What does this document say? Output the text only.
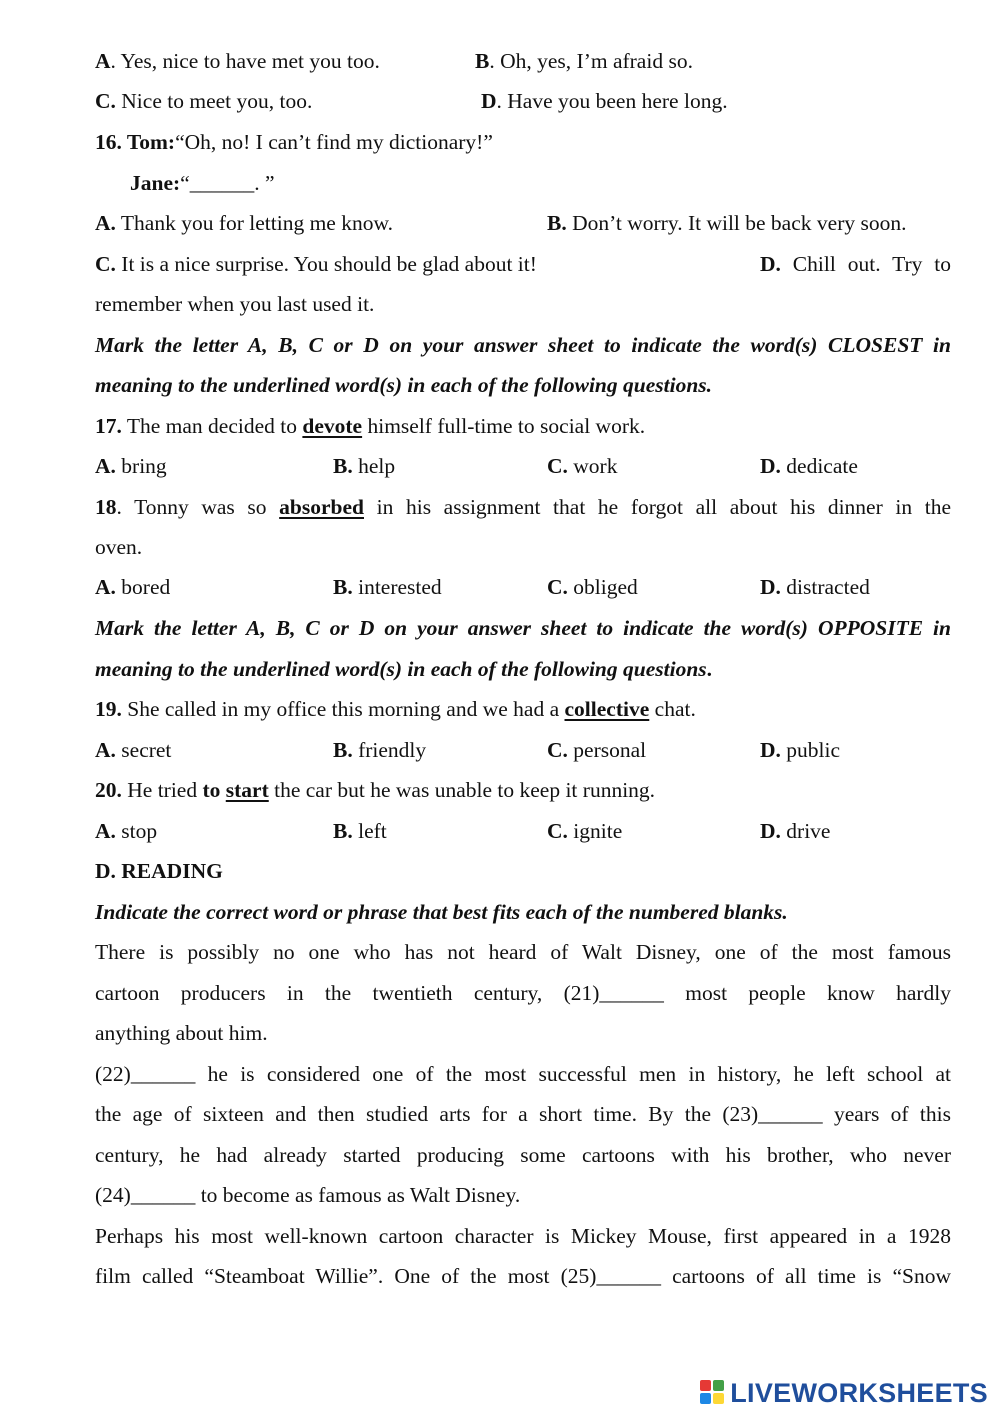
A. Yes, nice to have met you too.	B. Oh, yes, I’m afraid so.
C. Nice to meet you, too.	D. Have you been here long.
16. Tom:“Oh, no! I can’t find my dictionary!”
Jane:“______. ”
A. Thank you for letting me know.	B. Don’t worry. It will be back very soon.
C. It is a nice surprise. You should be glad about it!	D. Chill out. Try to
remember when you last used it.
Mark the letter A, B, C or D on your answer sheet to indicate the word(s) CLOSEST in
meaning to the underlined word(s) in each of the following questions.
17. The man decided to devote himself full-time to social work.
A. bring	B. help	C. work	D. dedicate
18. Tonny was so absorbed in his assignment that he forgot all about his dinner in the
oven.
A. bored	B. interested	C. obliged	D. distracted
Mark the letter A, B, C or D on your answer sheet to indicate the word(s) OPPOSITE in
meaning to the underlined word(s) in each of the following questions.
19. She called in my office this morning and we had a collective chat.
A. secret	B. friendly	C. personal	D. public
20. He tried to start the car but he was unable to keep it running.
A. stop	B. left	C. ignite	D. drive
D. READING
Indicate the correct word or phrase that best fits each of the numbered blanks.
There is possibly no one who has not heard of Walt Disney, one of the most famous
cartoon producers in the twentieth century, (21)______ most people know hardly
anything about him.
(22)______ he is considered one of the most successful men in history, he left school at
the age of sixteen and then studied arts for a short time. By the (23)______ years of this
century, he had already started producing some cartoons with his brother, who never
(24)______ to become as famous as Walt Disney.
Perhaps his most well-known cartoon character is Mickey Mouse, first appeared in a 1928
film called “Steamboat Willie”. One of the most (25)______ cartoons of all time is “Snow
LIVEWORKSHEETS
